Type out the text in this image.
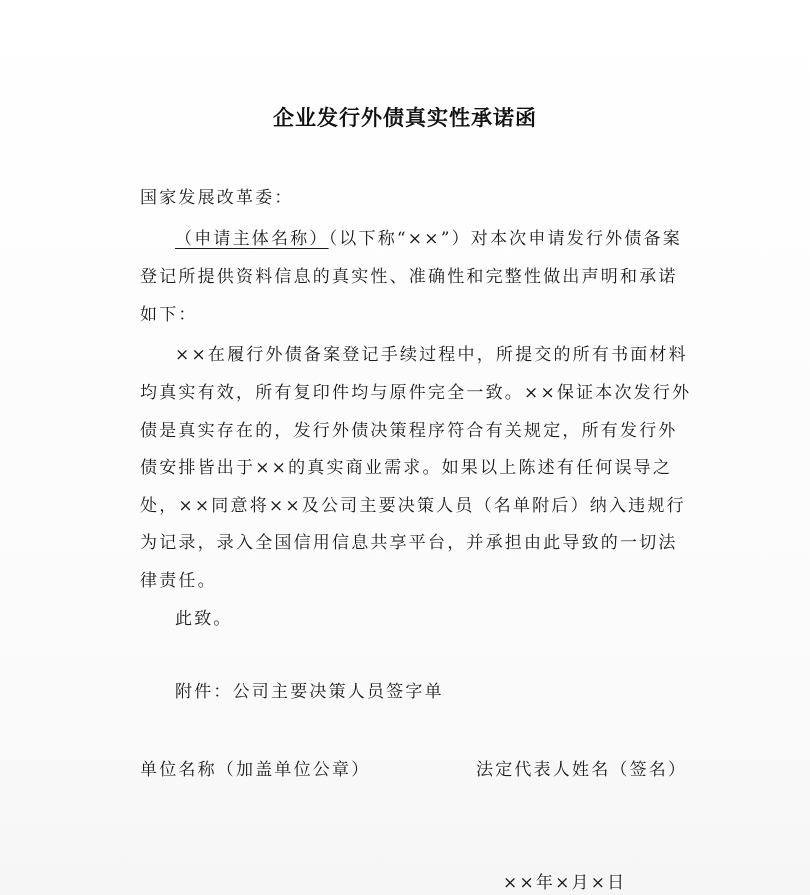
企业发行外债真实性承诺函
国家发展改革委：
（申请主体名称）（以下称“××”）对本次申请发行外债备案
登记所提供资料信息的真实性、准确性和完整性做出声明和承诺
如下：
××在履行外债备案登记手续过程中，所提交的所有书面材料
均真实有效，所有复印件均与原件完全一致。××保证本次发行外
债是真实存在的，发行外债决策程序符合有关规定，所有发行外
债安排皆出于××的真实商业需求。如果以上陈述有任何误导之
处，××同意将××及公司主要决策人员（名单附后）纳入违规行
为记录，录入全国信用信息共享平台，并承担由此导致的一切法
律责任。
此致。
附件：公司主要决策人员签字单
单位名称（加盖单位公章）	法定代表人姓名（签名）
××年×月×日
